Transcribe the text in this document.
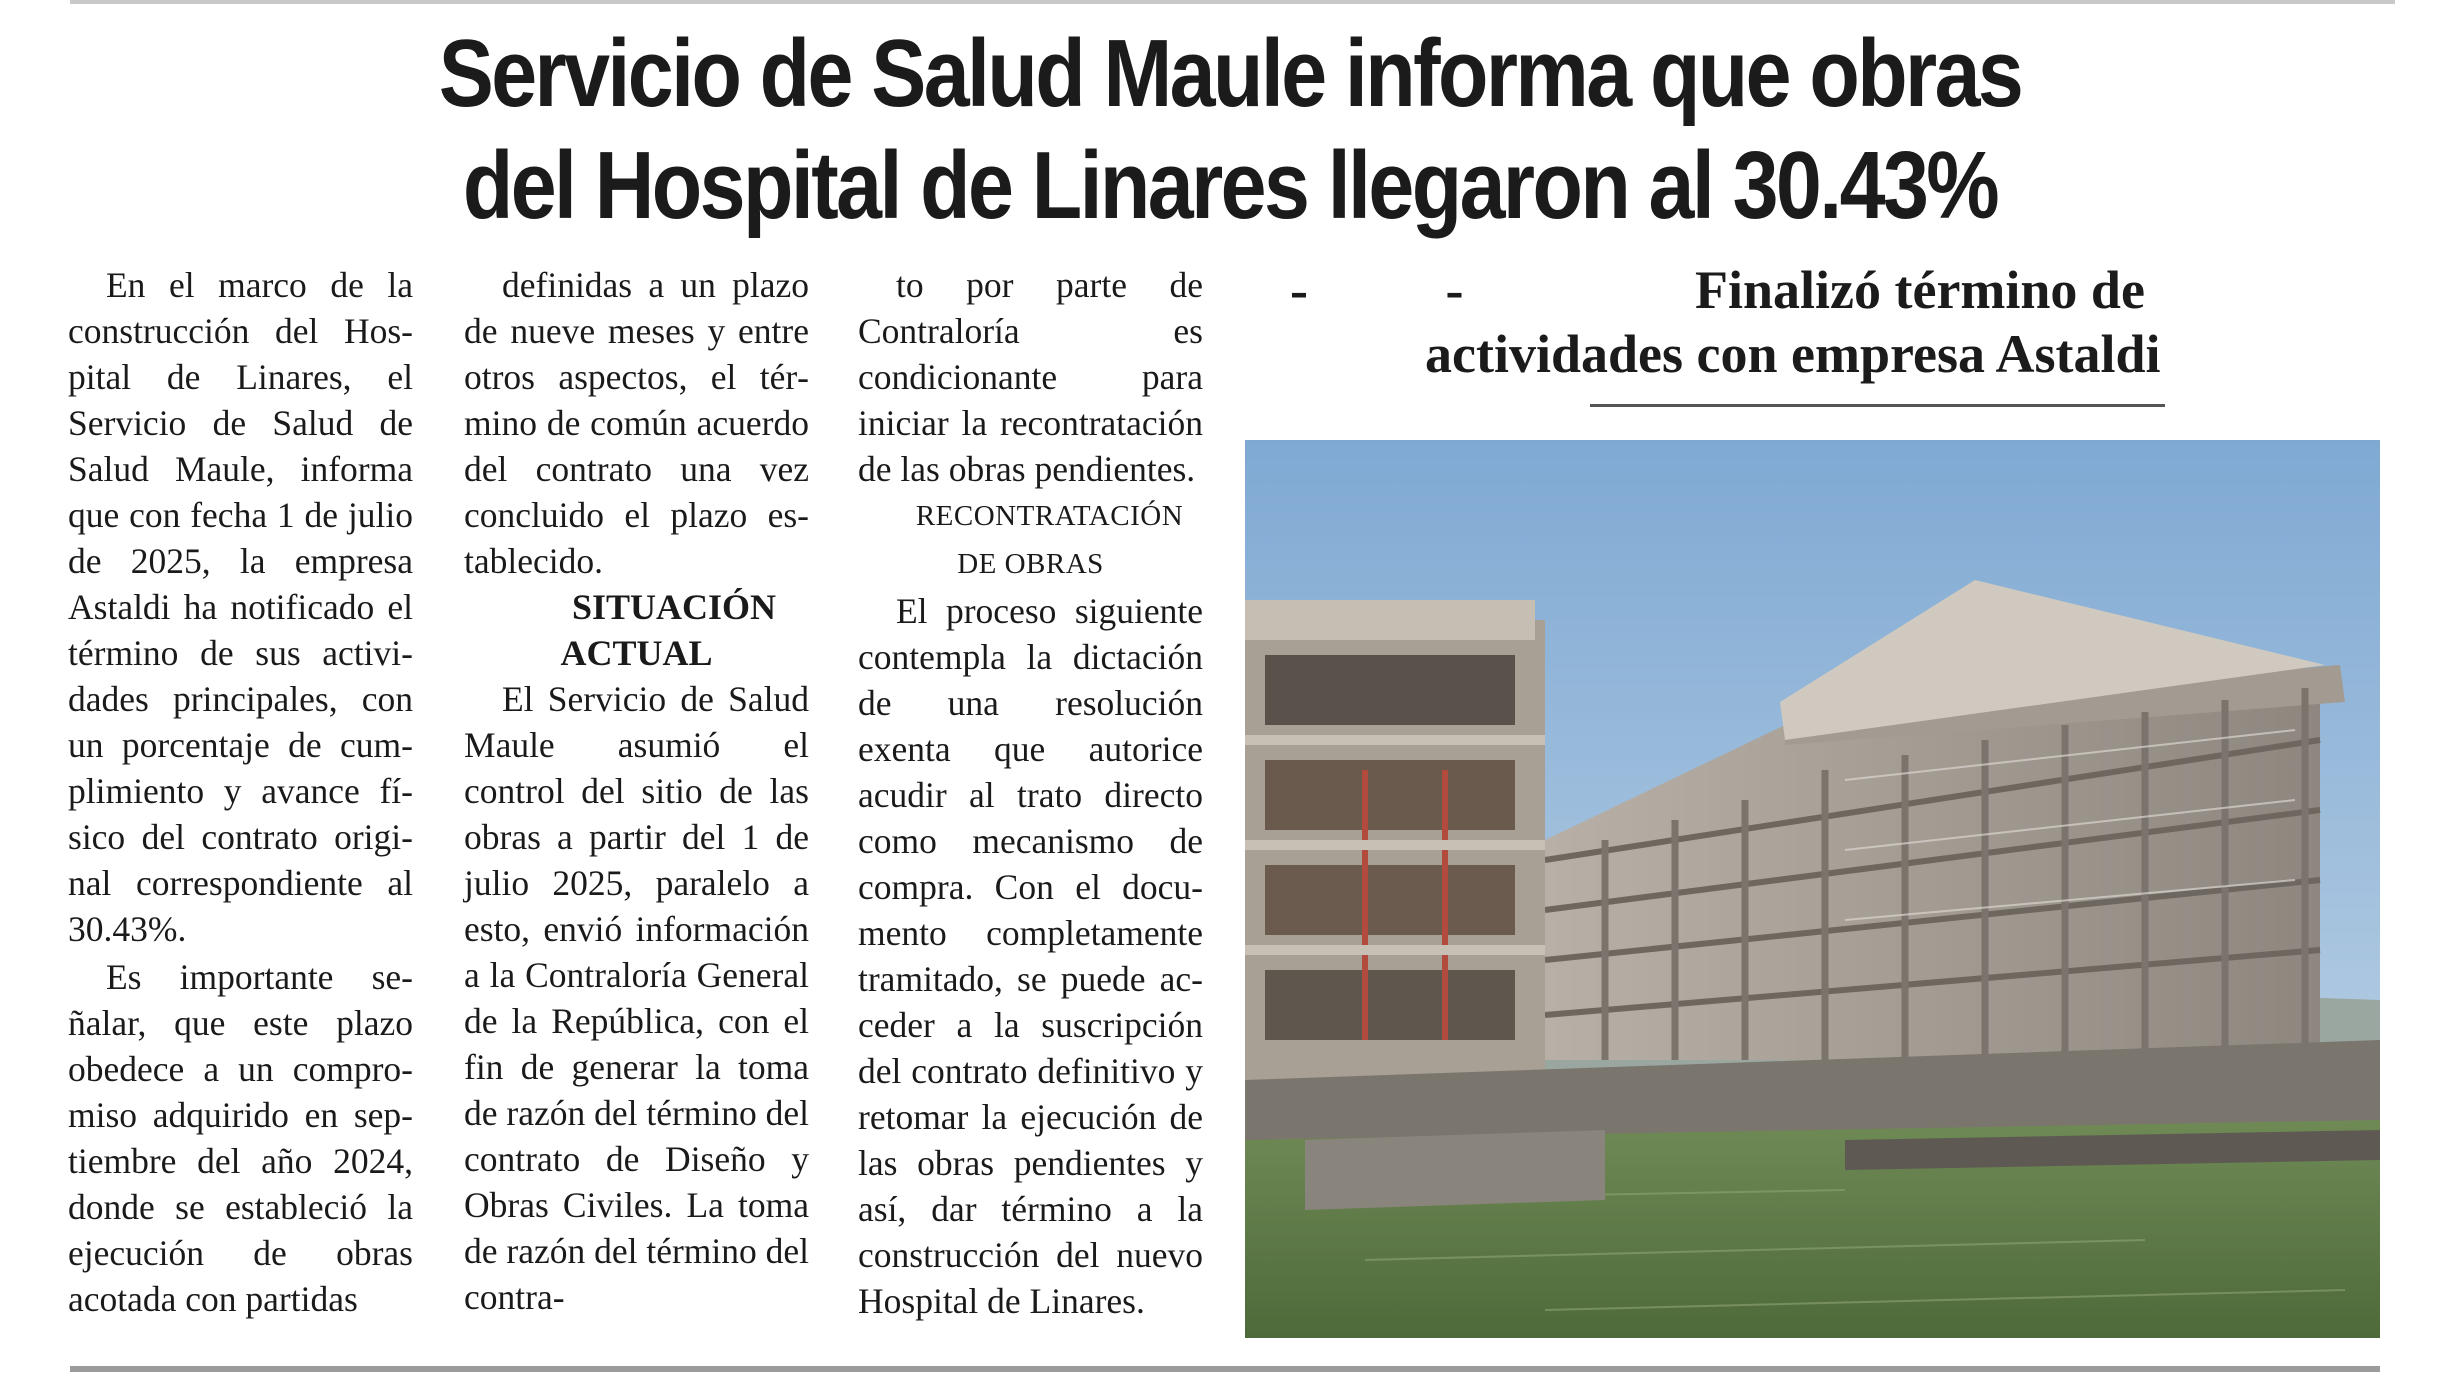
Servicio de Salud Maule informa que obras
del Hospital de Linares llegaron al 30.43%

En el marco de la construcción del Hospital de Linares, el Servicio de Salud de Salud Maule, informa que con fecha 1 de julio de 2025, la empresa Astaldi ha notificado el término de sus actividades principales, con un porcentaje de cumplimiento y avance físico del contrato original correspondiente al 30.43%.

Es importante señalar, que este plazo obedece a un compromiso adquirido en septiembre del año 2024, donde se estableció la ejecución de obras acotada con partidas

definidas a un plazo de nueve meses y entre otros aspectos, el término de común acuerdo del contrato una vez concluido el plazo establecido.

SITUACIÓN ACTUAL

El Servicio de Salud Maule asumió el control del sitio de las obras a partir del 1 de julio 2025, paralelo a esto, envió información a la Contraloría General de la República, con el fin de generar la toma de razón del término del contrato de Diseño y Obras Civiles. La toma de razón del término del contra-

to por parte de Contraloría es condicionante para iniciar la recontratación de las obras pendientes.

RECONTRATACIÓN
DE OBRAS

El proceso siguiente contempla la dictación de una resolución exenta que autorice acudir al trato directo como mecanismo de compra. Con el documento completamente tramitado, se puede acceder a la suscripción del contrato definitivo y retomar la ejecución de las obras pendientes y así, dar término a la construcción del nuevo Hospital de Linares.

- -	Finalizó término de
actividades con empresa Astaldi
